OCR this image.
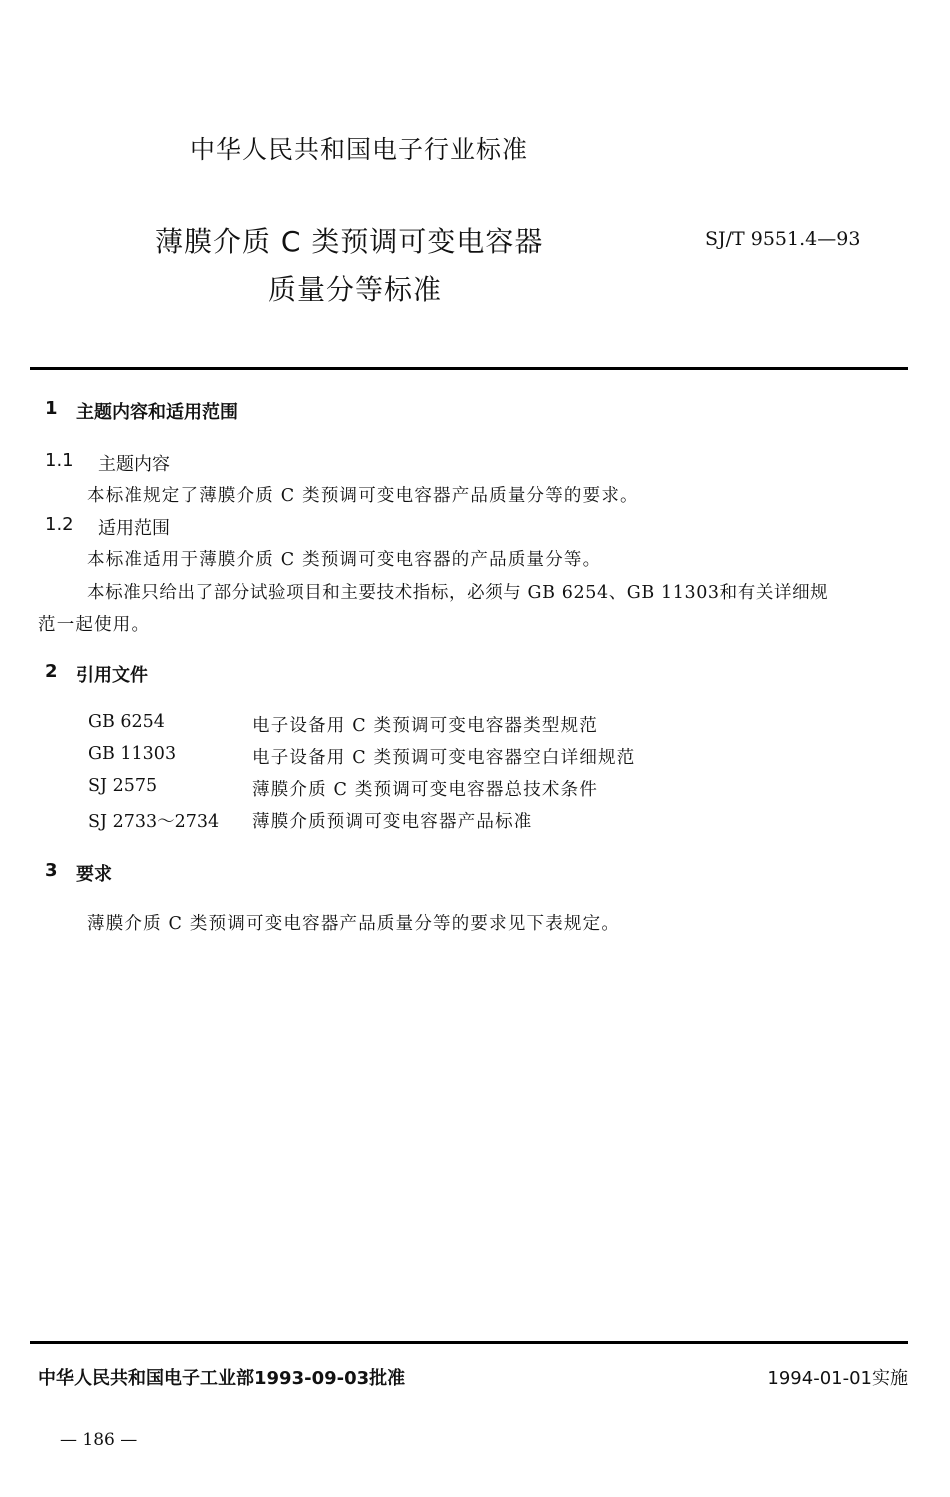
中华人民共和国电子行业标准
薄膜介质 C 类预调可变电容器
质量分等标准
SJ/T 9551.4—93
1 主题内容和适用范围
1.1 主题内容
本标准规定了薄膜介质 C 类预调可变电容器产品质量分等的要求。
1.2 适用范围
本标准适用于薄膜介质 C 类预调可变电容器的产品质量分等。
本标准只给出了部分试验项目和主要技术指标，必须与 GB 6254、GB 11303和有关详细规
范一起使用。
2 引用文件
GB 6254	电子设备用 C 类预调可变电容器类型规范
GB 11303	电子设备用 C 类预调可变电容器空白详细规范
SJ 2575	薄膜介质 C 类预调可变电容器总技术条件
SJ 2733～2734 薄膜介质预调可变电容器产品标准
3 要求
薄膜介质 C 类预调可变电容器产品质量分等的要求见下表规定。
中华人民共和国电子工业部1993-09-03批准	1994-01-01实施
— 186 —
